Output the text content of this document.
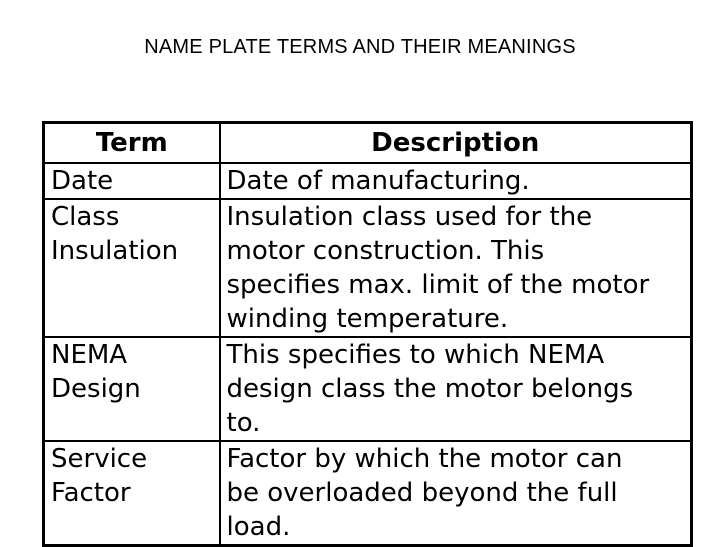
NAME PLATE TERMS AND THEIR MEANINGS
Term	Description

Date	Date of manufacturing.

Class
Insulation	Insulation class used for the
motor construction. This
specifies max. limit of the motor
winding temperature.

NEMA
Design	This specifies to which NEMA
design class the motor belongs
to.

Service
Factor	Factor by which the motor can
be overloaded beyond the full
load.
